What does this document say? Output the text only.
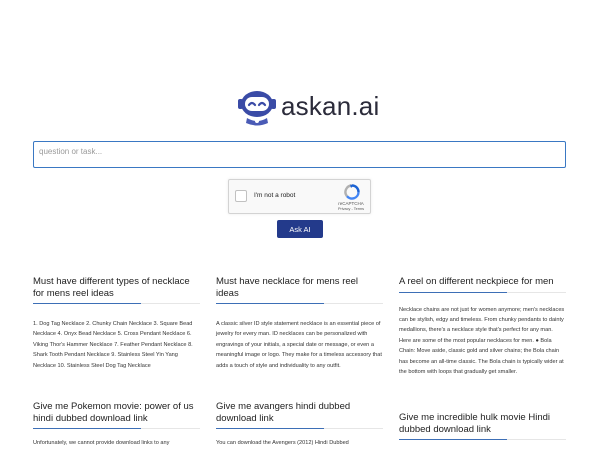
askan.ai
question or task...
I'm not a robot
reCAPTCHA
Privacy - Terms
Ask AI

Must have different types of necklace for mens reel ideas

1. Dog Tag Necklace 2. Chunky Chain Necklace 3. Square Bead Necklace 4. Onyx Bead Necklace 5. Cross Pendant Necklace 6. Viking Thor's Hammer Necklace 7. Feather Pendant Necklace 8. Shark Tooth Pendant Necklace 9. Stainless Steel Yin Yang Necklace 10. Stainless Steel Dog Tag Necklace

Must have necklace for mens reel ideas

A classic silver ID style statement necklace is an essential piece of jewelry for every man. ID necklaces can be personalized with engravings of your initials, a special date or message, or even a meaningful image or logo. They make for a timeless accessory that adds a touch of style and individuality to any outfit.

A reel on different neckpiece for men

Necklace chains are not just for women anymore; men's necklaces can be stylish, edgy and timeless. From chunky pendants to dainty medallions, there's a necklace style that's perfect for any man. Here are some of the most popular necklaces for men. ● Bola Chain: Move aside, classic gold and silver chains; the Bola chain has become an all-time classic. The Bola chain is typically wider at the bottom with loops that gradually get smaller.

Give me Pokemon movie: power of us hindi dubbed download link

Unfortunately, we cannot provide download links to any

Give me avangers hindi dubbed download link

You can download the Avengers (2012) Hindi Dubbed

Give me incredible hulk movie Hindi dubbed download link
